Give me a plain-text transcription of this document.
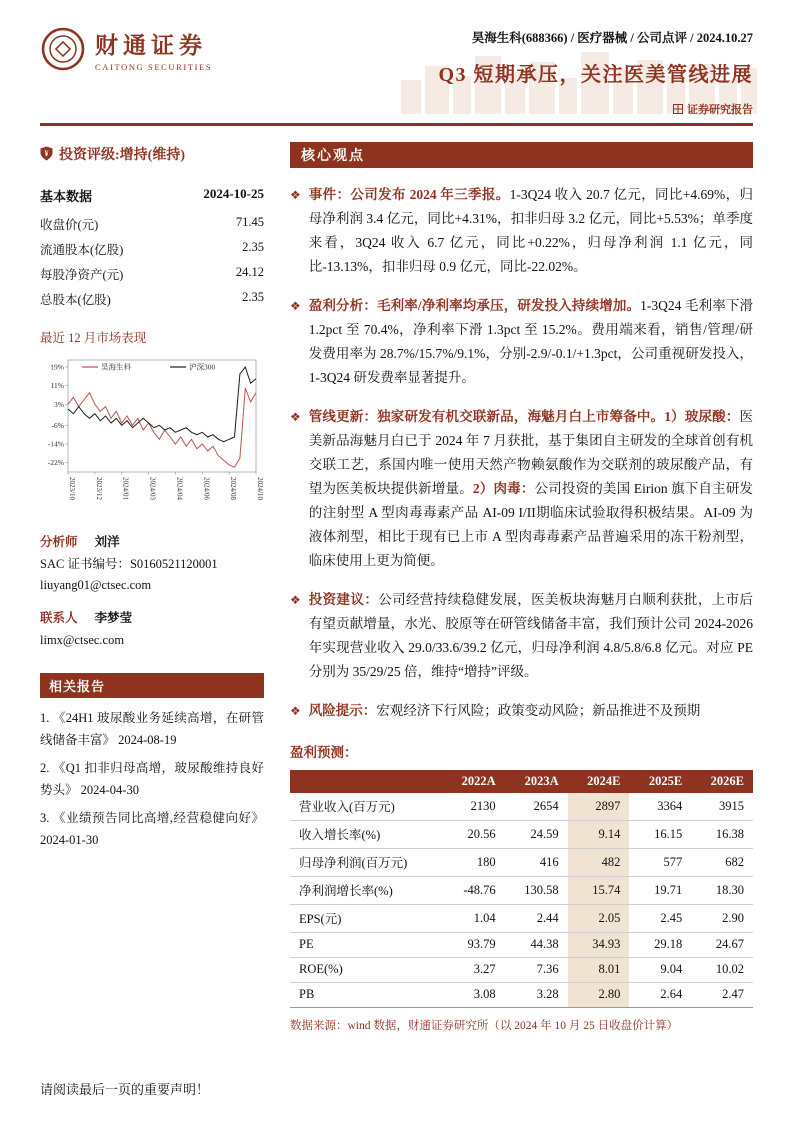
财通证券
CAITONG SECURITIES
昊海生科(688366) / 医疗器械 / 公司点评 / 2024.10.27
Q3 短期承压，关注医美管线进展
证券研究报告
¥ 投资评级:增持(维持)
基本数据	2024-10-25
收盘价(元)	71.45
流通股本(亿股)	2.35
每股净资产(元)	24.12
总股本(亿股)	2.35
最近 12 月市场表现
19%
11%
3%
-6%
-14%
-22%
2023/10	2023/12	2024/01	2024/03	2024/04	2024/06	2024/08	2024/10
昊海生科	沪深300
分析师 刘洋
SAC 证书编号：S0160521120001
liuyang01@ctsec.com
联系人 李梦莹
limx@ctsec.com
相关报告
1. 《24H1 玻尿酸业务延续高增，在研管线储备丰富》 2024-08-19
2. 《Q1 扣非归母高增，玻尿酸维持良好势头》 2024-04-30
3. 《业绩预告同比高增,经营稳健向好》2024-01-30
核心观点
❖ 事件：公司发布 2024 年三季报。1-3Q24 收入 20.7 亿元，同比+4.69%，归母净利润 3.4 亿元，同比+4.31%，扣非归母 3.2 亿元，同比+5.53%；单季度来看，3Q24 收入 6.7 亿元，同比+0.22%，归母净利润 1.1 亿元，同比-13.13%，扣非归母 0.9 亿元，同比-22.02%。
❖ 盈利分析：毛利率/净利率均承压，研发投入持续增加。1-3Q24 毛利率下滑 1.2pct 至 70.4%，净利率下滑 1.3pct 至 15.2%。费用端来看，销售/管理/研发费用率为 28.7%/15.7%/9.1%，分别-2.9/-0.1/+1.3pct，公司重视研发投入，1-3Q24 研发费率显著提升。
❖ 管线更新：独家研发有机交联新品，海魅月白上市筹备中。1）玻尿酸：医美新品海魅月白已于 2024 年 7 月获批，基于集团自主研发的全球首创有机交联工艺，系国内唯一使用天然产物赖氨酸作为交联剂的玻尿酸产品，有望为医美板块提供新增量。2）肉毒：公司投资的美国 Eirion 旗下自主研发的注射型 A 型肉毒毒素产品 AI-09 I/II期临床试验取得积极结果。AI-09 为液体剂型，相比于现有已上市 A 型肉毒毒素产品普遍采用的冻干粉剂型，临床使用上更为简便。
❖ 投资建议：公司经营持续稳健发展，医美板块海魅月白顺利获批，上市后有望贡献增量，水光、胶原等在研管线储备丰富，我们预计公司 2024-2026 年实现营业收入 29.0/33.6/39.2 亿元，归母净利润 4.8/5.8/6.8 亿元。对应 PE 分别为 35/29/25 倍，维持“增持”评级。
❖ 风险提示：宏观经济下行风险；政策变动风险；新品推进不及预期
盈利预测：
	2022A	2023A	2024E	2025E	2026E
营业收入(百万元)	2130	2654	2897	3364	3915
收入增长率(%)	20.56	24.59	9.14	16.15	16.38
归母净利润(百万元)	180	416	482	577	682
净利润增长率(%)	-48.76	130.58	15.74	19.71	18.30
EPS(元)	1.04	2.44	2.05	2.45	2.90
PE	93.79	44.38	34.93	29.18	24.67
ROE(%)	3.27	7.36	8.01	9.04	10.02
PB	3.08	3.28	2.80	2.64	2.47
数据来源：wind 数据，财通证券研究所（以 2024 年 10 月 25 日收盘价计算）
请阅读最后一页的重要声明！
